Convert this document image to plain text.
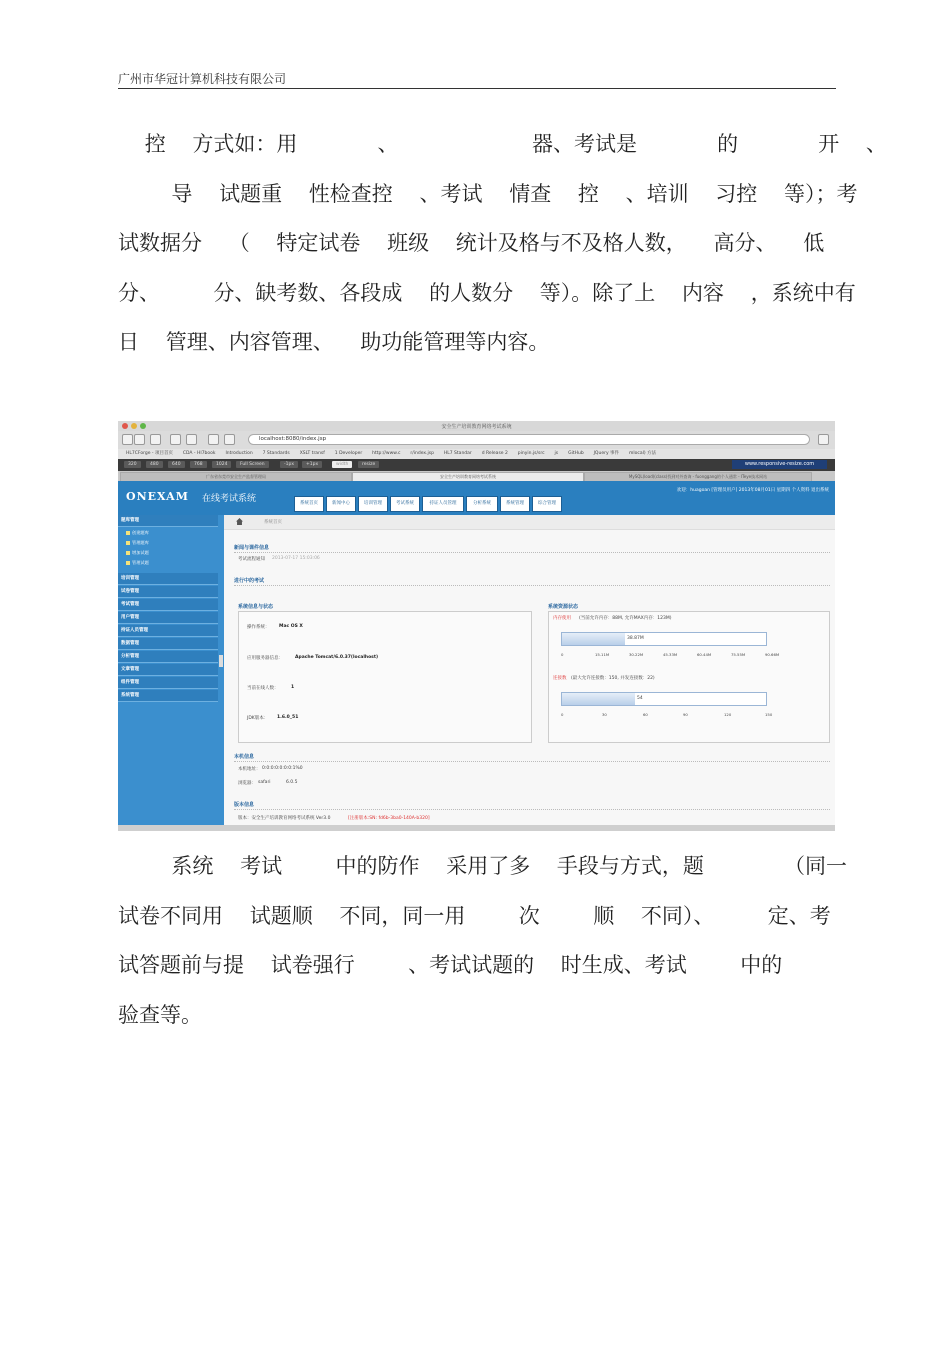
广州市华冠计算机科技有限公司
控    方式如：用            、                    器、考试是            的            开    、
导    试题重    性检查控    、考试    情查    控    、培训    习控    等）；考
试数据分    （    特定试卷    班级    统计及格与不及格人数，    高分、    低
分、        分、缺考数、各段成    的人数分    等）。除了上    内容    ，系统中有
日    管理、内容管理、    助功能管理等内容。
安全生产培训教育网络考试系统
localhost:8080/index.jsp
HL7CForge - 项目首页 CDA - HI7book Introduction 7 Standards XSLT transf 1 Developer http://www.c r/index.jsp HL7 Standar d Release 2 pinyin.js/src js GitHub JQuery 事件 mlocal) 方法
320	480	640	768	1024	Full Screen	-1px	+1px	width	resize	www.responsive-resize.com
广东省东莞市安全生产监督管理局	安全生产培训教育网络考试系统	MySQL(load)(class)找到对外查询 - fuonggang的个人通常 - ITeye技术网站
ONEXAM 在线考试系统	系统首页	新闻中心	培训管理	考试系统	持证人员管理	分析系统	系统管理	综合管理
欢迎：huagoan [管理员用户] 2013年08月01日 星期四 个人资料 退出系统
题库管理
创建题库
管理题库
增加试题
管理试题
培训管理
试卷管理
考试管理
用户管理
持证人员管理
数据管理
分析管理
文章管理
组件管理
系统管理
系统首页
新闻与课件信息
考试流程通知 2013-07-17 15:03:06
进行中的考试
系统信息与状态
操作系统： Mac OS X
应用服务器信息：	Apache Tomcat/6.0.37(localhost)
当前在线人数：	1
JDK版本： 1.6.0_51
系统资源状态
内存使用 (当前允许内存：88M, 允许MAX内存：123M)
38.87M
0	15.11M	30.22M	45.33M	60.44M	75.55M	90.66M
连接数 (最大允许连接数：150, 并发连接数：22)
54
0	30	60	90	120	150
本机信息
本机地址： 0:0:0:0:0:0:0:1%0
浏览器： safari	6.0.5
版本信息
版本：安全生产培训教育网络考试系统 Ver3.0	[注册版本:SN: fd6b-3ba0-140A-b320]
系统    考试        中的防作    采用了多    手段与方式，题            （同一
试卷不同用    试题顺    不同，同一用        次        顺    不同）、        定、考
试答题前与提    试卷强行        、考试试题的    时生成、考试        中的
验查等。
